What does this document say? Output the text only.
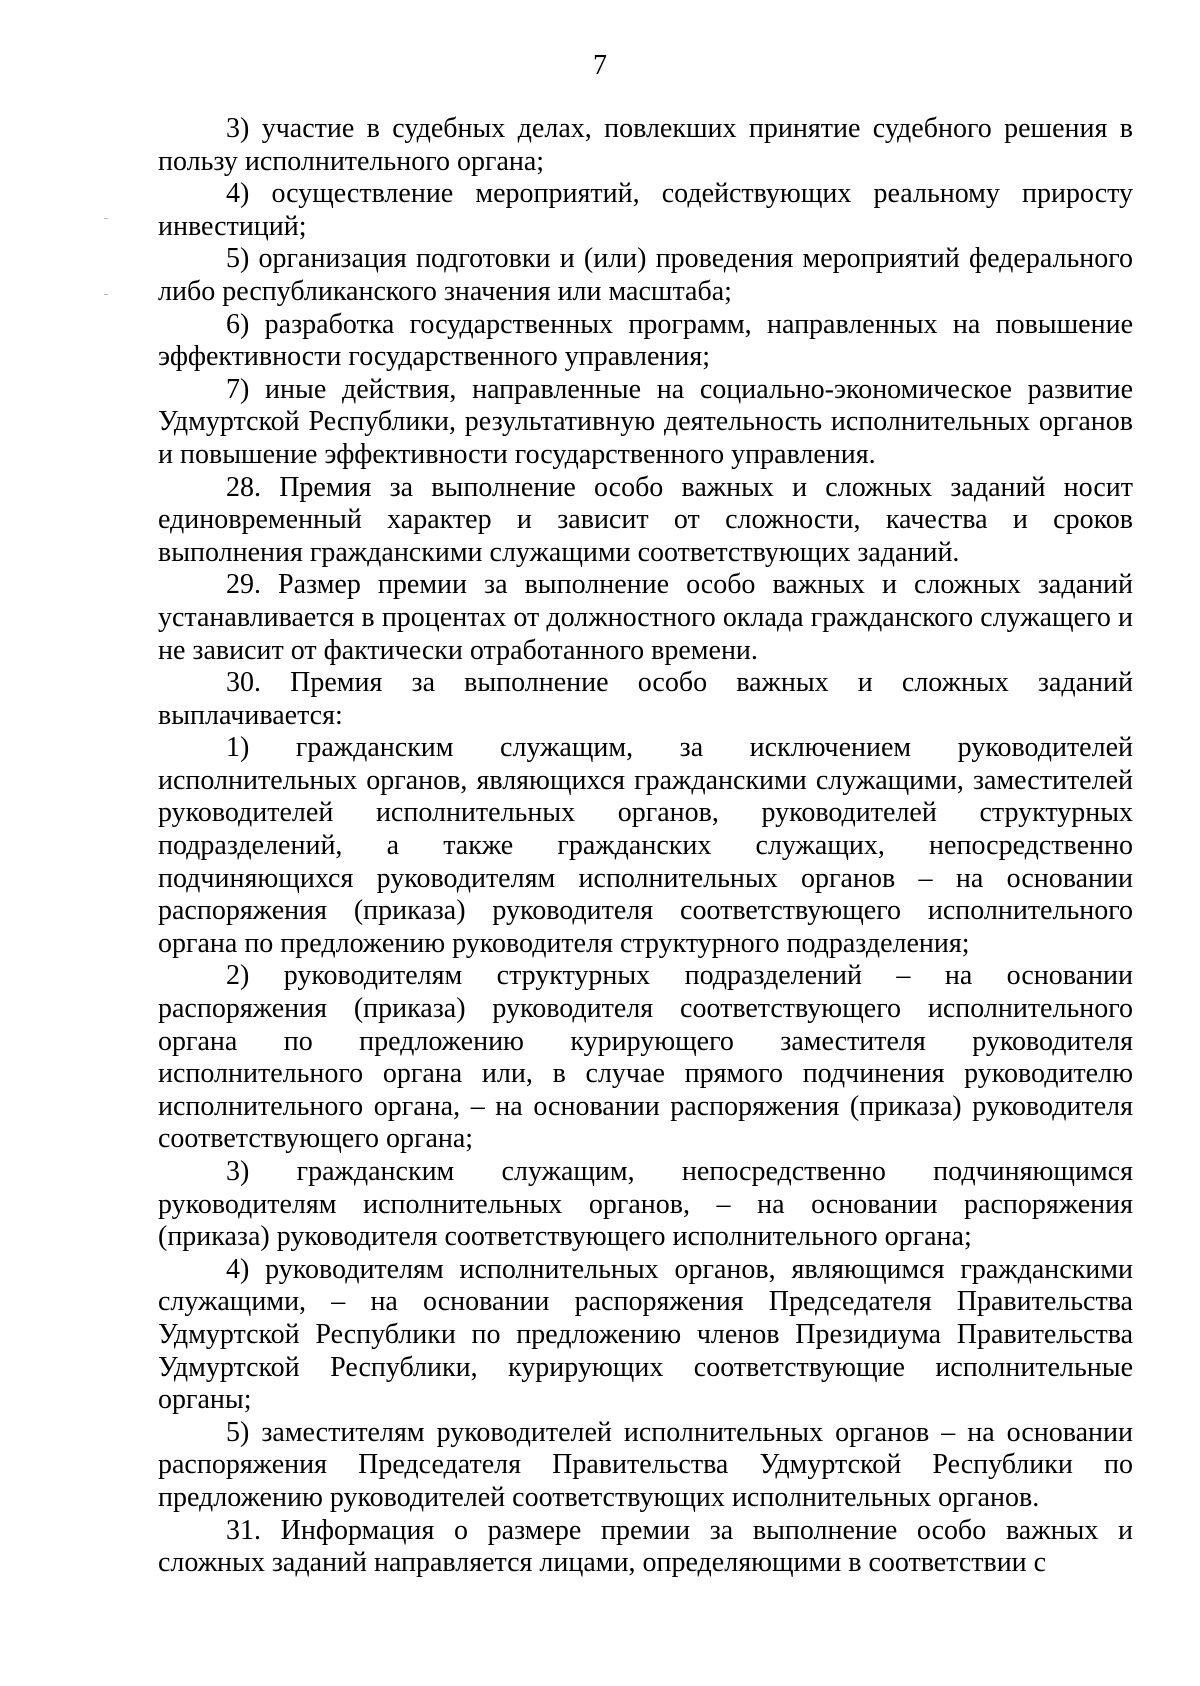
7

3) участие в судебных делах, повлекших принятие судебного решения в пользу исполнительного органа;

4) осуществление мероприятий, содействующих реальному приросту инвестиций;

5) организация подготовки и (или) проведения мероприятий федерального либо республиканского значения или масштаба;

6) разработка государственных программ, направленных на повышение эффективности государственного управления;

7) иные действия, направленные на социально-экономическое развитие Удмуртской Республики, результативную деятельность исполнительных органов и повышение эффективности государственного управления.

28. Премия за выполнение особо важных и сложных заданий носит единовременный характер и зависит от сложности, качества и сроков выполнения гражданскими служащими соответствующих заданий.

29. Размер премии за выполнение особо важных и сложных заданий устанавливается в процентах от должностного оклада гражданского служащего и не зависит от фактически отработанного времени.

30. Премия за выполнение особо важных и сложных заданий выплачивается:

1) гражданским служащим, за исключением руководителей исполнительных органов, являющихся гражданскими служащими, заместителей руководителей исполнительных органов, руководителей структурных подразделений, а также гражданских служащих, непосредственно подчиняющихся руководителям исполнительных органов – на основании распоряжения (приказа) руководителя соответствующего исполнительного органа по предложению руководителя структурного подразделения;

2) руководителям структурных подразделений – на основании распоряжения (приказа) руководителя соответствующего исполнительного органа по предложению курирующего заместителя руководителя исполнительного органа или, в случае прямого подчинения руководителю исполнительного органа, – на основании распоряжения (приказа) руководителя соответствующего органа;

3) гражданским служащим, непосредственно подчиняющимся руководителям исполнительных органов, – на основании распоряжения (приказа) руководителя соответствующего исполнительного органа;

4) руководителям исполнительных органов, являющимся гражданскими служащими, – на основании распоряжения Председателя Правительства Удмуртской Республики по предложению членов Президиума Правительства Удмуртской Республики, курирующих соответствующие исполнительные органы;

5) заместителям руководителей исполнительных органов – на основании распоряжения Председателя Правительства Удмуртской Республики по предложению руководителей соответствующих исполнительных органов.

31. Информация о размере премии за выполнение особо важных и сложных заданий направляется лицами, определяющими в соответствии с
